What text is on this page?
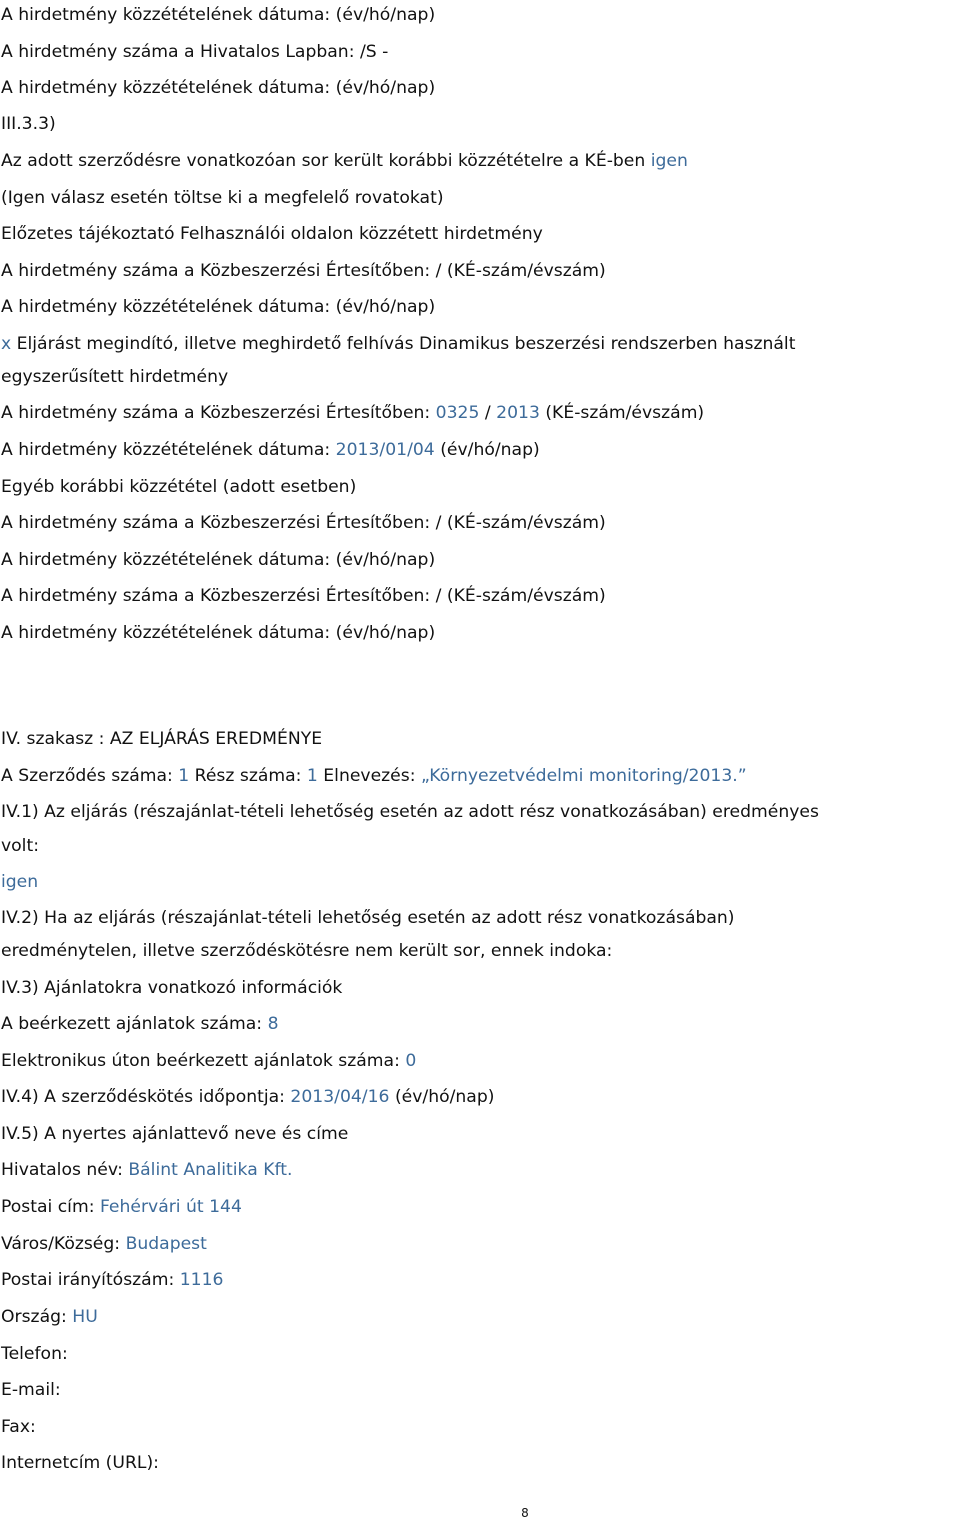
A hirdetmény közzétételének dátuma: (év/hó/nap)
A hirdetmény száma a Hivatalos Lapban: /S -
A hirdetmény közzétételének dátuma: (év/hó/nap)
III.3.3)
Az adott szerződésre vonatkozóan sor került korábbi közzétételre a KÉ-ben igen
(Igen válasz esetén töltse ki a megfelelő rovatokat)
Előzetes tájékoztató Felhasználói oldalon közzétett hirdetmény
A hirdetmény száma a Közbeszerzési Értesítőben: / (KÉ-szám/évszám)
A hirdetmény közzétételének dátuma: (év/hó/nap)
x Eljárást megindító, illetve meghirdető felhívás Dinamikus beszerzési rendszerben használt
egyszerűsített hirdetmény
A hirdetmény száma a Közbeszerzési Értesítőben: 0325 / 2013 (KÉ-szám/évszám)
A hirdetmény közzétételének dátuma: 2013/01/04 (év/hó/nap)
Egyéb korábbi közzététel (adott esetben)
A hirdetmény száma a Közbeszerzési Értesítőben: / (KÉ-szám/évszám)
A hirdetmény közzétételének dátuma: (év/hó/nap)
A hirdetmény száma a Közbeszerzési Értesítőben: / (KÉ-szám/évszám)
A hirdetmény közzétételének dátuma: (év/hó/nap)
IV. szakasz : AZ ELJÁRÁS EREDMÉNYE
A Szerződés száma: 1 Rész száma: 1 Elnevezés: „Környezetvédelmi monitoring/2013.”
IV.1) Az eljárás (részajánlat-tételi lehetőség esetén az adott rész vonatkozásában) eredményes
volt:
igen
IV.2) Ha az eljárás (részajánlat-tételi lehetőség esetén az adott rész vonatkozásában)
eredménytelen, illetve szerződéskötésre nem került sor, ennek indoka:
IV.3) Ajánlatokra vonatkozó információk
A beérkezett ajánlatok száma: 8
Elektronikus úton beérkezett ajánlatok száma: 0
IV.4) A szerződéskötés időpontja: 2013/04/16 (év/hó/nap)
IV.5) A nyertes ajánlattevő neve és címe
Hivatalos név: Bálint Analitika Kft.
Postai cím: Fehérvári út 144
Város/Község: Budapest
Postai irányítószám: 1116
Ország: HU
Telefon:
E-mail:
Fax:
Internetcím (URL):
8
